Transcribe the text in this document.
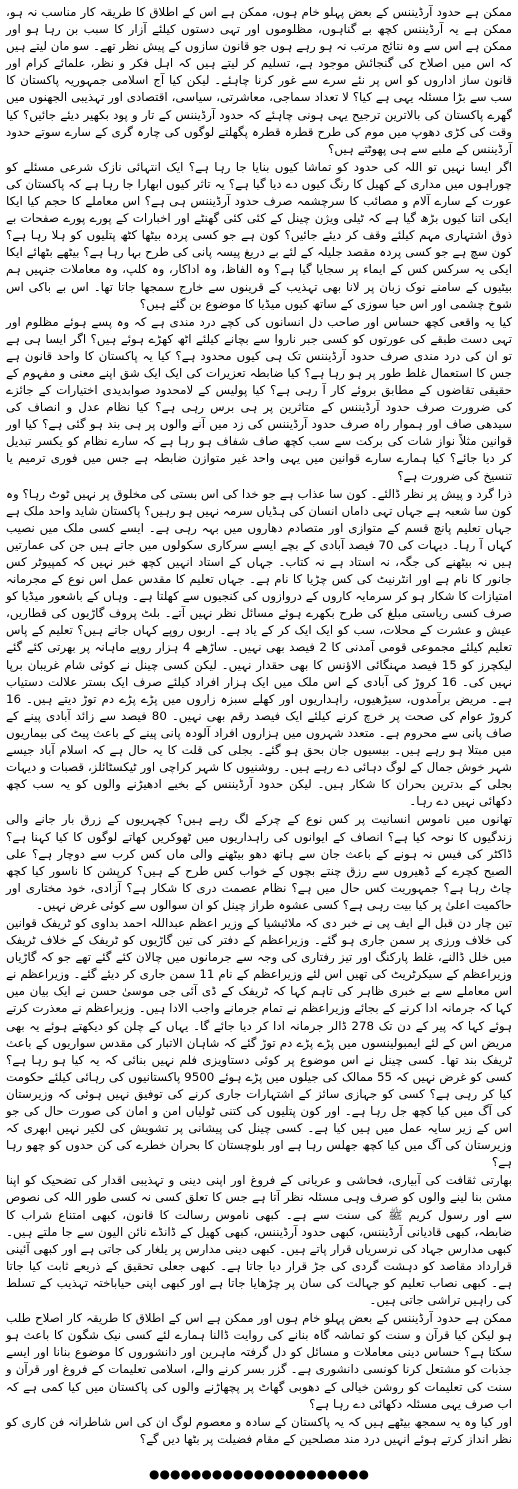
ممکن ہے حدود آرڈیننس کے بعض پہلو خام ہوں، ممکن ہے اس کے اطلاق کا طریقہ کار مناسب نہ ہو، ممکن ہے یہ آرڈیننس کچھ بے گناہوں، مظلوموں اور تہی دستوں کیلئے آزار کا سبب بن رہا ہو اور ممکن ہے اس سے وہ نتائج مرتب نہ ہو رہے ہوں جو قانون سازوں کے پیش نظر تھے۔ سو مان لیتے ہیں کہ اس میں اصلاح کی گنجائش موجود ہے، تسلیم کر لیتے ہیں کہ اہل فکر و نظر، علمائے کرام اور قانون ساز اداروں کو اس پر نئے سرے سے غور کرنا چاہئے۔ لیکن کیا آج اسلامی جمہوریہ پاکستان کا سب سے بڑا مسئلہ یہی ہے کیا؟ لا تعداد سماجی، معاشرتی، سیاسی، اقتصادی اور تہذیبی الجھنوں میں گھرے پاکستان کی بالاترین ترجیح یہی ہونی چاہئے کہ حدود آرڈیننس کے تار و پود بکھیر دیئے جائیں؟ کیا وقت کی کڑی دھوپ میں موم کی طرح قطرہ قطرہ پگھلتے لوگوں کی چارہ گری کے سارے سوتے حدود آرڈیننس کے ملبے سے ہی پھوٹتے ہیں؟

اگر ایسا نہیں تو اللہ کی حدود کو تماشا کیوں بنایا جا رہا ہے؟ ایک انتہائی نازک شرعی مسئلے کو چوراہوں میں مداری کے کھیل کا رنگ کیوں دے دیا گیا ہے؟ یہ تاثر کیوں ابھارا جا رہا ہے کہ پاکستان کی عورت کے سارے آلام و مصائب کا سرچشمہ صرف حدود آرڈیننس ہی ہے؟ اس معاملے کا حجم کیا ایکا ایکی اتنا کیوں بڑھ گیا ہے کہ ٹیلی ویژن چینل کے کئی کئی گھنٹے اور اخبارات کے پورے پورے صفحات بے ذوق اشتہاری مہم کیلئے وقف کر دیئے جائیں؟ کون ہے جو کسی پردہ بیٹھا کٹھ پتلیوں کو ہلا رہا ہے؟ کون سچ ہے جو کسی پردہ مقصد جلیلہ کے لئے بے دریغ پیسہ پانی کی طرح بہا رہا ہے؟ بیٹھے بٹھائے ایکا ایکی یہ سرکس کس کے ایماء پر سجایا گیا ہے؟ وہ الفاظ، وہ اداکار، وہ کلپ، وہ معاملات جنہیں ہم بیٹیوں کے سامنے نوک زبان پر لانا بھی تہذیب کے قرینوں سے خارج سمجھا جاتا تھا۔ اس بے باکی اس شوخ چشمی اور اس حیا سوزی کے ساتھ کیوں میڈیا کا موضوع بن گئے ہیں؟

کیا یہ واقعی کچھ حساس اور صاحب دل انسانوں کی کچے درد مندی ہے کہ وہ پسے ہوئے مظلوم اور تہی دست طبقے کی عورتوں کو کسی جبر ناروا سے بچانے کیلئے اٹھ کھڑے ہوئے ہیں؟ اگر ایسا ہی ہے تو ان کی درد مندی صرف حدود آرڈیننس تک ہی کیوں محدود ہے؟ کیا یہ پاکستان کا واحد قانون ہے جس کا استعمال غلط طور پر ہو رہا ہے؟ کیا ضابطہ تعزیرات کی ایک ایک شق اپنے معنی و مفہوم کے حقیقی تقاضوں کے مطابق بروئے کار آ رہی ہے؟ کیا پولیس کے لامحدود صوابدیدی اختیارات کے جائزے کی ضرورت صرف حدود آرڈیننس کے متاثرین پر ہی برس رہی ہے؟ کیا نظام عدل و انصاف کی سیدھی صاف اور ہموار راہ صرف حدود آرڈیننس کی زد میں آنے والوں پر ہی بند ہو گئی ہے؟ کیا اور قوانین مثلاً نواز شات کی برکت سے سب کچھ صاف شفاف ہو رہا ہے کہ سارے نظام کو یکسر تبدیل کر دیا جائے؟ کیا ہمارے سارے قوانین میں یہی واحد غیر متوازن ضابطہ ہے جس میں فوری ترمیم یا تنسیخ کی ضرورت ہے؟

ذرا گرد و پیش پر نظر ڈالئے۔ کون سا عذاب ہے جو خدا کی اس بستی کی مخلوق پر نہیں ٹوٹ رہا؟ وہ کون سا شعبہ ہے جہاں تہی داماں انسان کی ہڈیاں سرمہ نہیں ہو رہیں؟ پاکستان شاید واحد ملک ہے جہاں تعلیم پانچ قسم کے متوازی اور متصادم دھاروں میں بہہ رہی ہے۔ ایسے کسی ملک میں نصیب کہاں آ رہا۔ دیہات کی 70 فیصد آبادی کے بچے ایسے سرکاری سکولوں میں جاتے ہیں جن کی عمارتیں ہیں نہ بیٹھنے کی جگہ، نہ استاد ہے نہ کتاب۔ جہاں کے استاد انہیں کچھ خبر نہیں کہ کمپیوٹر کس جانور کا نام ہے اور انٹرنیٹ کی کس چڑیا کا نام ہے۔ جہاں تعلیم کا مقدس عمل اس نوع کے مجرمانہ امتیازات کا شکار ہو کر سرمایہ کاروں کے دروازوں کی کنجیوں سے کھلتا ہے۔ وہاں کے باشعور میڈیا کو صرف کسی ریاستی مبلغ کی طرح بکھرے ہوئے مسائل نظر نہیں آتے۔ بلٹ پروف گاڑیوں کی قطاریں، عیش و عشرت کے محلات، سب کو ایک ایک کر کے یاد ہے۔ اربوں روپے کہاں جاتے ہیں؟ تعلیم کے پاس تعلیم کیلئے مجموعی قومی آمدنی کا 2 فیصد بھی نہیں۔ ساڑھے 4 ہزار روپے ماہانہ پر بھرتی کئے گئے لیکچرز کو 15 فیصد مہنگائی الاؤنس کا بھی حقدار نہیں۔ لیکن کسی چینل نے کوئی شام غریبان برپا نہیں کی۔ 16 کروڑ کی آبادی کے اس ملک میں ایک ہزار افراد کیلئے صرف ایک بستر علالت دستیاب ہے۔ مریض برآمدوں، سیڑھیوں، راہداریوں اور کھلے سبزہ زاروں میں پڑے پڑے دم توڑ دیتے ہیں۔ 16 کروڑ عوام کی صحت پر خرچ کرنے کیلئے ایک فیصد رقم بھی نہیں۔ 80 فیصد سے زائد آبادی پینے کے صاف پانی سے محروم ہے۔ متعدد شہروں میں ہزاروں افراد آلودہ پانی پینے کے باعث پیٹ کی بیماریوں میں مبتلا ہو رہے ہیں۔ بیسیوں جان بحق ہو گئے۔ بجلی کی قلت کا یہ حال ہے کہ اسلام آباد جیسے شہر خوش جمال کے لوگ دہائی دے رہے ہیں۔ روشنیوں کا شہر کراچی اور ٹیکسٹائلز، قصبات و دیہات بجلی کے بدترین بحران کا شکار ہیں۔ لیکن حدود آرڈیننس کے بخیے ادھیڑنے والوں کو یہ سب کچھ دکھائی نہیں دے رہا۔

تھانوں میں ناموس انسانیت پر کس نوع کے چرکے لگ رہے ہیں؟ کچہریوں کے زرق بار جانے والی زندگیوں کا نوحہ کیا ہے؟ انصاف کے ایوانوں کی راہداریوں میں ٹھوکریں کھاتے لوگوں کا کیا کہنا ہے؟ ڈاکٹر کی فیس نہ ہونے کے باعث جان سے ہاتھ دھو بیٹھنے والی ماں کس کرب سے دوچار ہے؟ علی الصبح کچرے کے ڈھیروں سے رزق چنتے بچوں کے خواب کس طرح کے ہیں؟ کرپشن کا ناسور کیا کچھ چاٹ رہا ہے؟ جمہوریت کس حال میں ہے؟ نظام عصمت دری کا شکار ہے؟ آزادی، خود مختاری اور حاکمیت اعلیٰ پر کیا بیت رہی ہے؟ کسی عشوہ طراز چینل کو ان سوالوں سے کوئی غرض نہیں۔

تین چار دن قبل الے ایف پی نے خبر دی کہ ملائیشیا کے وزیر اعظم عبداللہ احمد بداوی کو ٹریفک قوانین کی خلاف ورزی پر سمن جاری ہو گئے۔ وزیراعظم کے دفتر کی تین گاڑیوں کو ٹریفک کے خلاف ٹریفک میں خلل ڈالنے، غلط پارکنگ اور تیز رفتاری کی وجہ سے جرمانوں میں چالان کئے گئے تھے جو کہ گاڑیاں وزیراعظم کے سیکرٹریٹ کی تھیں اس لئے وزیراعظم کے نام 11 سمن جاری کر دیئے گئے۔ وزیراعظم نے اس معاملے سے بے خبری ظاہر کی تاہم کہا کہ ٹریفک کے ڈی آئی جی موسیٰ حسن نے ایک بیان میں کہا کہ جرمانہ ادا کرنے کے بجائے وزیراعظم نے تمام جرمانے واجب الادا ہیں۔ وزیراعظم نے معذرت کرتے ہوئے کہا کہ پیر کے دن تک 278 ڈالر جرمانہ ادا کر دیا جائے گا۔ یہاں کے چلن کو دیکھتے ہوئے یہ بھی مریض اس کے لئے ایمبولینسوں میں پڑے پڑے دم توڑ گئے کہ شاہان الاتبار کی مقدس سواریوں کے باعث ٹریفک بند تھا۔ کسی چینل نے اس موضوع پر کوئی دستاویزی فلم نہیں بنائی کہ یہ کیا ہو رہا ہے؟ کسی کو غرض نہیں کہ 55 ممالک کی جیلوں میں پڑے ہوئے 9500 پاکستانیوں کی رہائی کیلئے حکومت کیا کر رہی ہے؟ کسی کو جہازی سائز کے اشتہارات جاری کرنے کی توفیق نہیں ہوئی کہ وزیرستان کی آگ میں کیا کچھ جل رہا ہے۔ اور کون پتلیوں کی کتنی ٹولیاں امن و امان کی صورت حال کی جو اس کے زیر سایہ عمل میں ہیں کیا ہے۔ کسی چینل کی پیشانی پر تشویش کی لکیر نہیں ابھری کہ وزیرستان کی آگ میں کیا کچھ جھلس رہا ہے اور بلوچستان کا بحران خطرے کی کن حدوں کو چھو رہا ہے؟

بھارتی ثقافت کی آبیاری، فحاشی و عریانی کے فروغ اور اپنی دینی و تہذیبی اقدار کی تضحیک کو اپنا مشن بنا لینے والوں کو صرف وہی مسئلہ نظر آتا ہے جس کا تعلق کسی نہ کسی طور اللہ کی نصوص سے اور رسول کریم ﷺ کی سنت سے ہے۔ کبھی ناموس رسالت کا قانون، کبھی امتناع شراب کا ضابطہ، کبھی قادیانی آرڈیننس، کبھی حدود آرڈیننس، کبھی کھیل کے ڈانڈے نائن الیون سے جا ملتے ہیں۔ کبھی مدارس جہاد کی نرسریاں قرار پاتے ہیں۔ کبھی دینی مدارس پر یلغار کی جاتی ہے اور کبھی آئینی قرارداد مقاصد کو دہشت گردی کی جڑ قرار دیا جاتا ہے۔ کبھی جعلی تحقیق کے ذریعے ثابت کیا جاتا ہے۔ کبھی نصاب تعلیم کو جہالت کی سان پر چڑھایا جاتا ہے اور کبھی اپنی حیاباختہ تہذیب کے تسلط کی راہیں تراشی جاتی ہیں۔

ممکن ہے حدود آرڈیننس کے بعض پہلو خام ہوں اور ممکن ہے اس کے اطلاق کا طریقہ کار اصلاح طلب ہو لیکن کیا قرآن و سنت کو تماشہ گاہ بنانے کی روایت ڈالنا ہمارے لئے کسی نیک شگون کا باعث ہو سکتا ہے؟ حساس دینی معاملات و مسائل کو دل گرفتہ ماہرین اور دانشوروں کا موضوع بنانا اور ایسے جذبات کو مشتعل کرنا کونسی دانشوری ہے۔ گزر بسر کرنے والے، اسلامی تعلیمات کے فروغ اور قرآن و سنت کی تعلیمات کو روشن خیالی کے دھوبی گھاٹ پر پچھاڑنے والوں کی پاکستان میں کیا کمی ہے کہ اب صرف یہی مسئلہ دکھائی دے رہا ہے؟

اور کیا وہ یہ سمجھ بیٹھے ہیں کہ یہ پاکستان کے سادہ و معصوم لوگ ان کی اس شاطرانہ فن کاری کو نظر انداز کرتے ہوئے انہیں درد مند مصلحین کے مقام فضیلت پر بٹھا دیں گے؟

●●●●●●●●●●●●●●●●●●●●●
